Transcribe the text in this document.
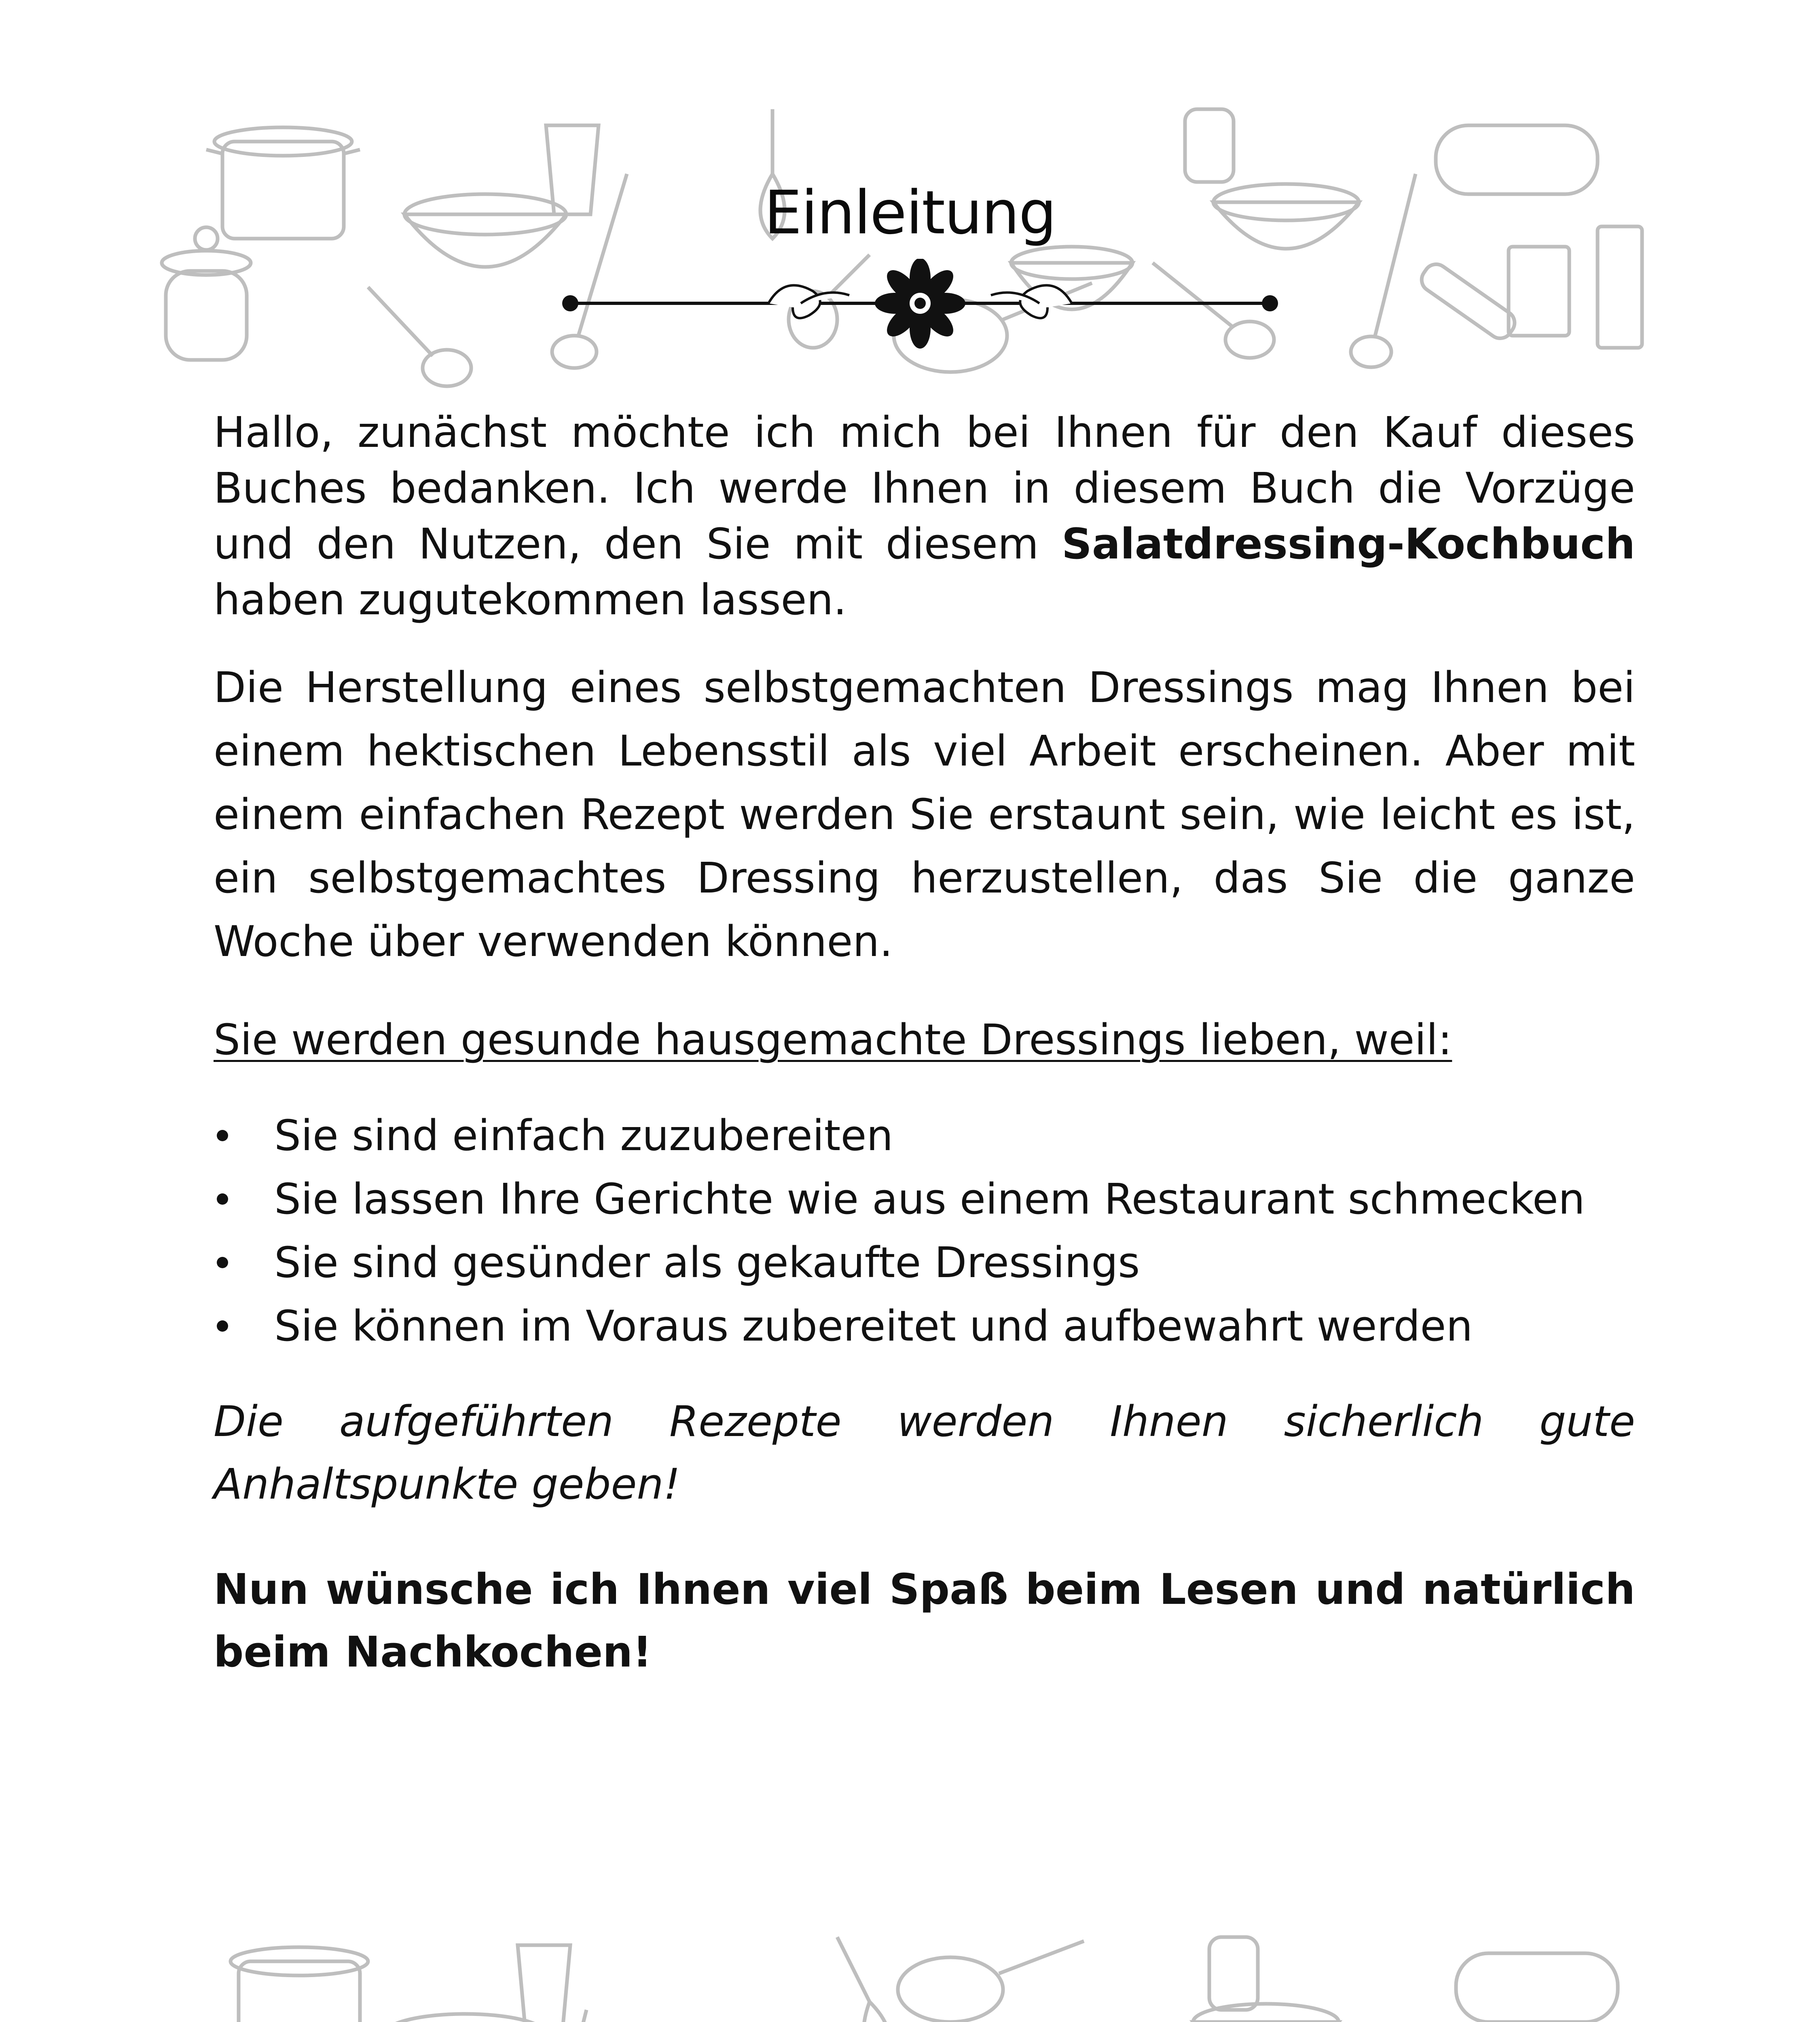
Einleitung

Hallo, zunächst möchte ich mich bei Ihnen für den Kauf dieses Buches bedanken. Ich werde Ihnen in diesem Buch die Vorzüge und den Nutzen, den Sie mit diesem Salatdressing-Kochbuch haben zugutekommen lassen.

Die Herstellung eines selbstgemachten Dressings mag Ihnen bei einem hektischen Lebensstil als viel Arbeit erscheinen. Aber mit einem einfachen Rezept werden Sie erstaunt sein, wie leicht es ist, ein selbstgemachtes Dressing herzustellen, das Sie die ganze Woche über verwenden können.

Sie werden gesunde hausgemachte Dressings lieben, weil:

Sie sind einfach zuzubereiten
Sie lassen Ihre Gerichte wie aus einem Restaurant schmecken
Sie sind gesünder als gekaufte Dressings
Sie können im Voraus zubereitet und aufbewahrt werden

Die aufgeführten Rezepte werden Ihnen sicherlich gute Anhaltspunkte geben!

Nun wünsche ich Ihnen viel Spaß beim Lesen und natürlich beim Nachkochen!
